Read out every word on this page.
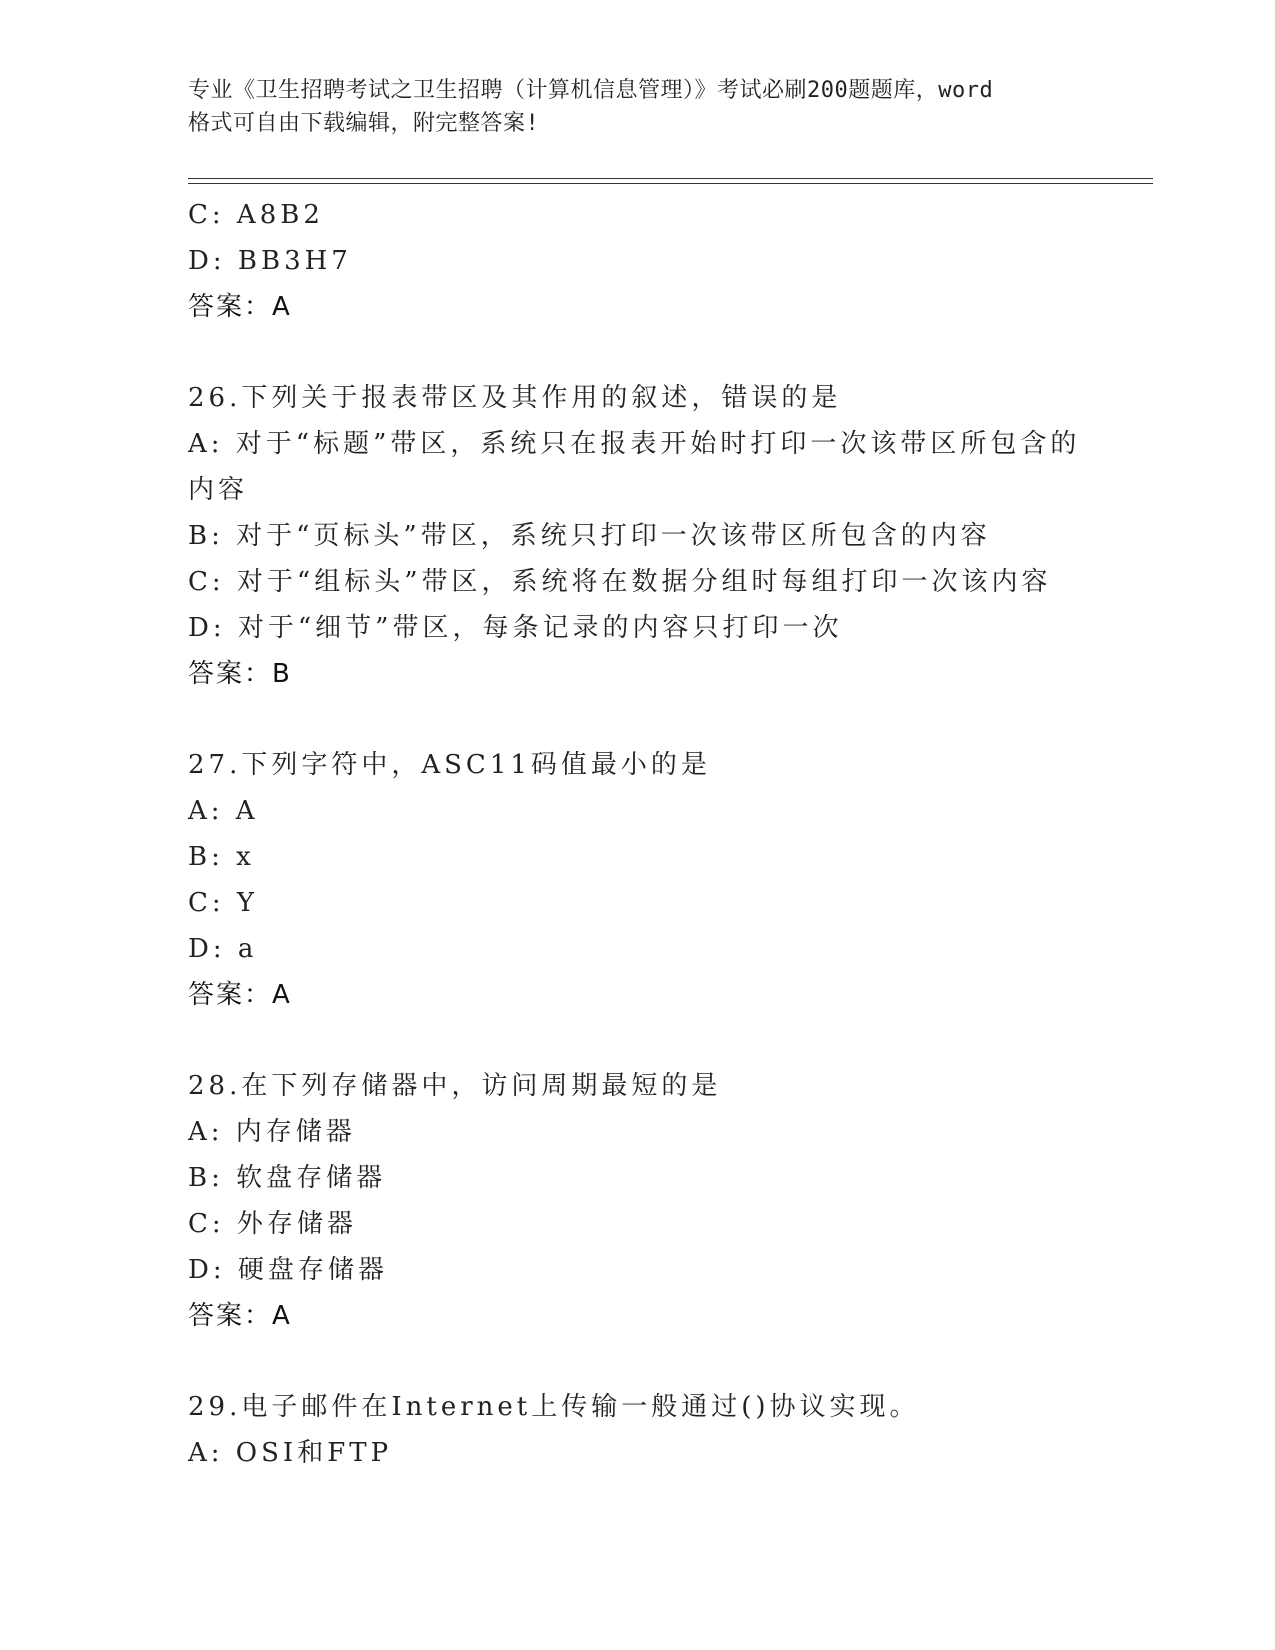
专业《卫生招聘考试之卫生招聘（计算机信息管理）》考试必刷200题题库，word
格式可自由下载编辑，附完整答案!
C: A8B2
D: BB3H7
答案：A
26.下列关于报表带区及其作用的叙述，错误的是
A: 对于“标题”带区，系统只在报表开始时打印一次该带区所包含的
内容
B: 对于“页标头”带区，系统只打印一次该带区所包含的内容
C: 对于“组标头”带区，系统将在数据分组时每组打印一次该内容
D: 对于“细节”带区，每条记录的内容只打印一次
答案：B
27.下列字符中，ASC11码值最小的是
A: A
B: x
C: Y
D: a
答案：A
28.在下列存储器中，访问周期最短的是
A: 内存储器
B: 软盘存储器
C: 外存储器
D: 硬盘存储器
答案：A
29.电子邮件在Internet上传输一般通过()协议实现。
A: OSI和FTP
